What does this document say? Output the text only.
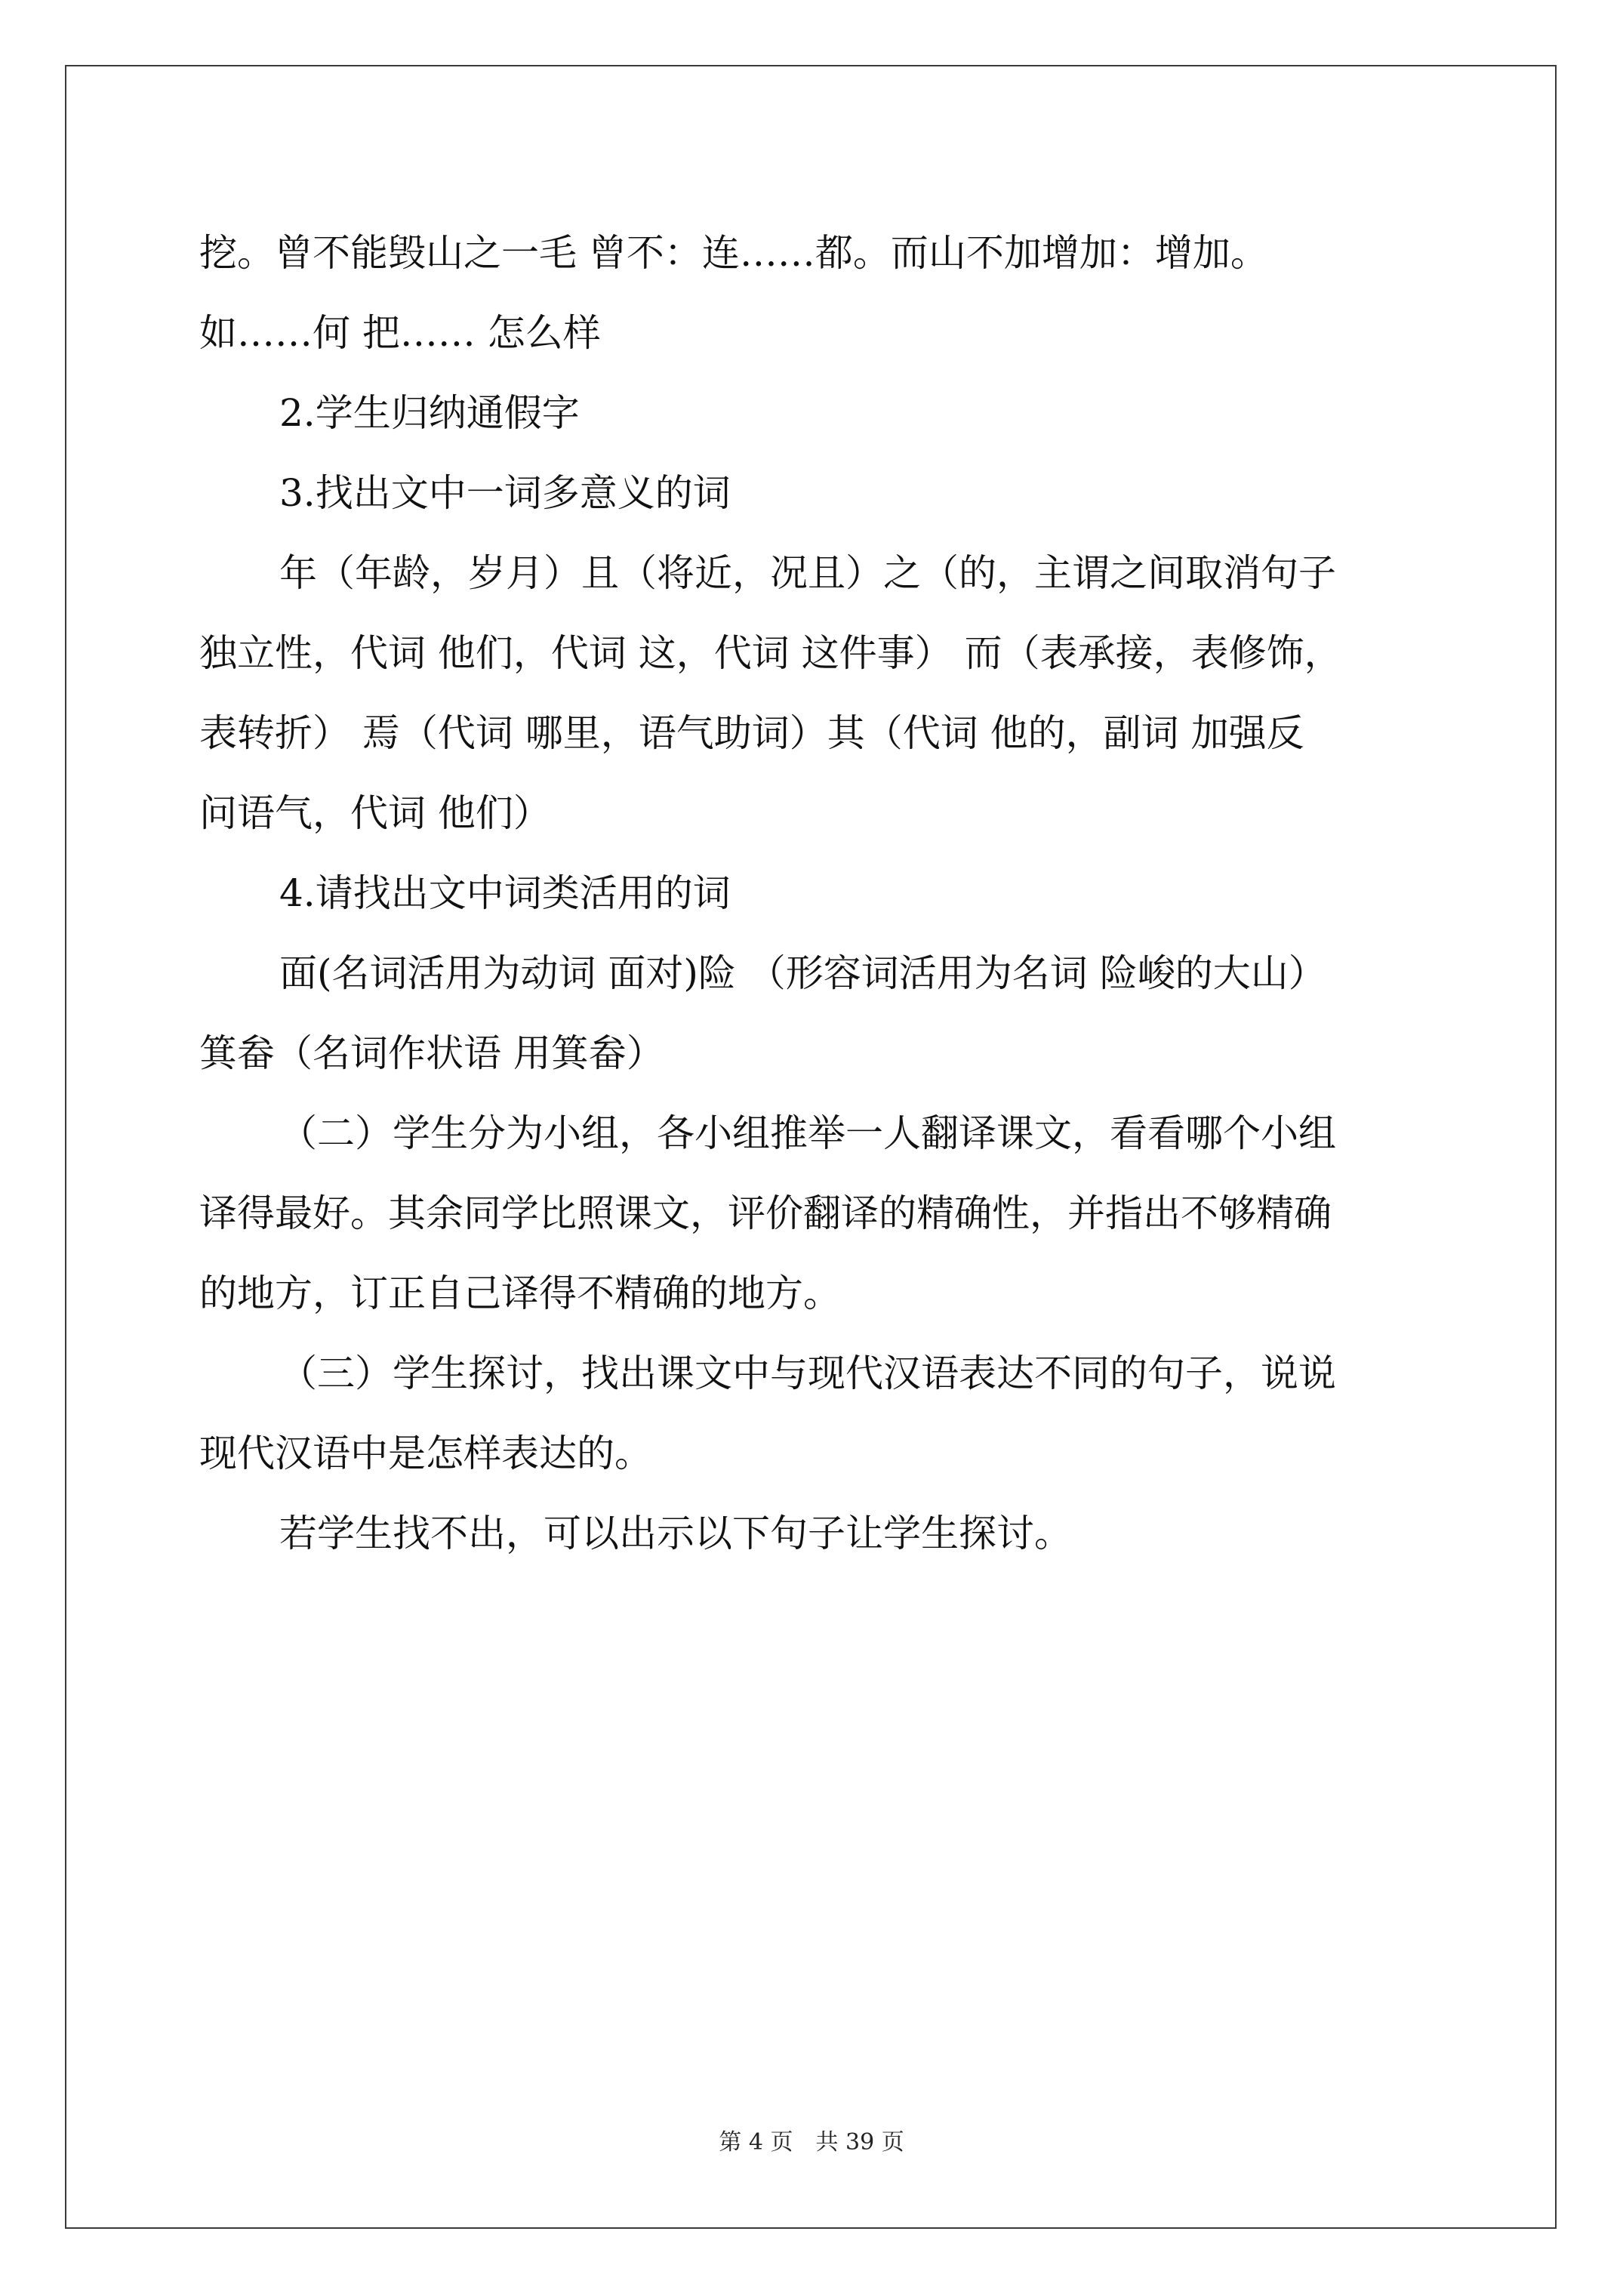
挖。曾不能毁山之一毛 曾不：连……都。而山不加增加：增加。
如……何 把…… 怎么样
2.学生归纳通假字
3.找出文中一词多意义的词
年（年龄，岁月）且（将近，况且）之（的，主谓之间取消句子
独立性，代词 他们，代词 这，代词 这件事） 而（表承接，表修饰，
表转折） 焉（代词 哪里，语气助词）其（代词 他的，副词 加强反
问语气，代词 他们）
4.请找出文中词类活用的词
面(名词活用为动词 面对)险 （形容词活用为名词 险峻的大山）
箕畚（名词作状语 用箕畚）
（二）学生分为小组，各小组推举一人翻译课文，看看哪个小组
译得最好。其余同学比照课文，评价翻译的精确性，并指出不够精确
的地方，订正自己译得不精确的地方。
（三）学生探讨，找出课文中与现代汉语表达不同的句子，说说
现代汉语中是怎样表达的。
若学生找不出，可以出示以下句子让学生探讨。
第 4 页 共 39 页
